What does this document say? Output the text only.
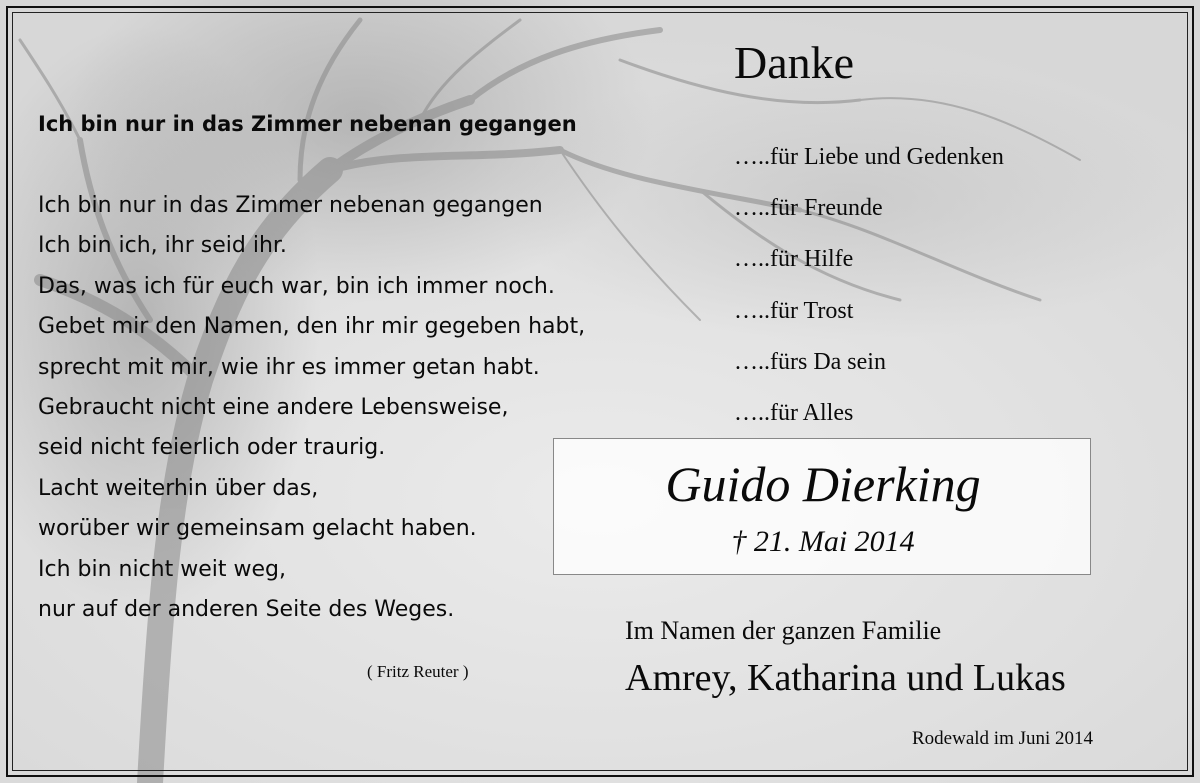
Ich bin nur in das Zimmer nebenan gegangen
Ich bin nur in das Zimmer nebenan gegangen
Ich bin ich, ihr seid ihr.
Das, was ich für euch war, bin ich immer noch.
Gebet mir den Namen, den ihr mir gegeben habt,
sprecht mit mir, wie ihr es immer getan habt.
Gebraucht nicht eine andere Lebensweise,
seid nicht feierlich oder traurig.
Lacht weiterhin über das,
worüber wir gemeinsam gelacht haben.
Ich bin nicht weit weg,
nur auf der anderen Seite des Weges.
( Fritz Reuter )
Danke
…..für Liebe und Gedenken
…..für Freunde
…..für Hilfe
…..für Trost
…..fürs Da sein
…..für Alles
Guido Dierking
† 21. Mai 2014
Im Namen der ganzen Familie
Amrey, Katharina und Lukas
Rodewald im Juni 2014
